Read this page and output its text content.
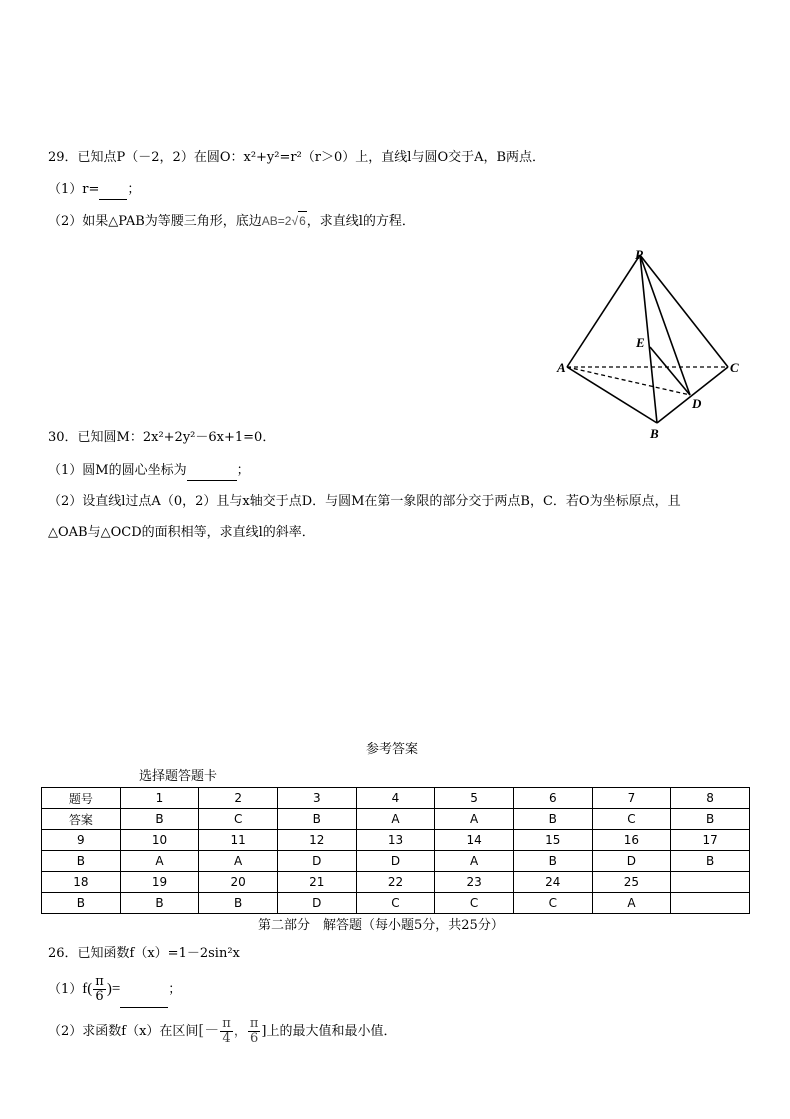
29．已知点P（－2，2）在圆O：x²+y²=r²（r＞0）上，直线l与圆O交于A，B两点．
（1）r= ；
（2）如果△PAB为等腰三角形，底边AB=2√6，求直线l的方程．
P
E
A	C
D
B
30．已知圆M：2x²+2y²－6x+1=0．
（1）圆M的圆心坐标为	；
（2）设直线l过点A（0，2）且与x轴交于点D．与圆M在第一象限的部分交于两点B，C．若O为坐标原点，且
△OAB与△OCD的面积相等，求直线l的斜率．
参考答案
选择题答题卡
题号	1	2	3	4	5	6	7	8
答案	B	C	B	A	A	B	C	B
9	10	11	12	13	14	15	16	17
B	A	A	D	D	A	B	D	B
18	19	20	21	22	23	24	25	
B	B	B	D	C	C	C	A	
第二部分　解答题（每小题5分，共25分）
26．已知函数f（x）=1－2sin²x
$(1)f( \frac{\pi}{6}$ )=	；
（2）求函数f（x）在区间[－ $\frac{\pi}{4}$ ， $\frac{\pi}{6}$ ]上的最大值和最小值．
